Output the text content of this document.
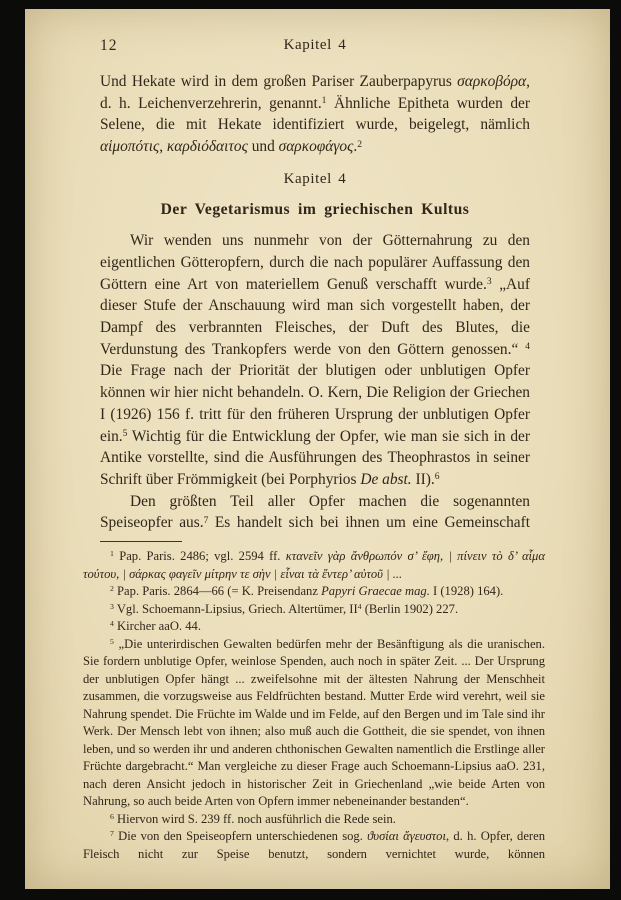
12	Kapitel 4

Und Hekate wird in dem großen Pariser Zauberpapyrus σαρκοβόρα, d. h. Leichenverzehrerin, genannt.$^1$ Ähnliche Epitheta wurden der Selene, die mit Hekate identifiziert wurde, beigelegt, nämlich αἱμοπότις, καρδιόδαιτος und σαρκοφάγος.$^2$

Kapitel 4
Der Vegetarismus im griechischen Kultus

Wir wenden uns nunmehr von der Götternahrung zu den eigentlichen Götteropfern, durch die nach populärer Auffassung den Göttern eine Art von materiellem Genuß verschafft wurde.$^3$ „Auf dieser Stufe der Anschauung wird man sich vorgestellt haben, der Dampf des verbrannten Fleisches, der Duft des Blutes, die Verdunstung des Trankopfers werde von den Göttern genossen.“ $^4$ Die Frage nach der Priorität der blutigen oder unblutigen Opfer können wir hier nicht behandeln. O. Kern, Die Religion der Griechen I (1926) 156 f. tritt für den früheren Ursprung der unblutigen Opfer ein.$^5$ Wichtig für die Entwicklung der Opfer, wie man sie sich in der Antike vorstellte, sind die Ausführungen des Theophrastos in seiner Schrift über Frömmigkeit (bei Porphyrios De abst. II).$^6$

Den größten Teil aller Opfer machen die sogenannten Speiseopfer aus.$^7$ Es handelt sich bei ihnen um eine Gemeinschaft

$^1$ Pap. Paris. 2486; vgl. 2594 ff. κτανεῖν γὰρ ἄνθρωπόν σ’ ἔφη, | πίνειν τὸ δ’ αἷμα τούτου, | σάρκας φαγεῖν μίτρην τε σὴν | εἶναι τὰ ἔντερ’ αὐτοῦ | ...

$^2$ Pap. Paris. 2864—66 (= K. Preisendanz Papyri Graecae mag. I (1928) 164).

$^3$ Vgl. Schoemann-Lipsius, Griech. Altertümer, $II^4$ (Berlin 1902) 227.

$^4$ Kircher aaO. 44.

$^5$ „Die unterirdischen Gewalten bedürfen mehr der Besänftigung als die uranischen. Sie fordern unblutige Opfer, weinlose Spenden, auch noch in später Zeit. ... Der Ursprung der unblutigen Opfer hängt ... zweifelsohne mit der ältesten Nahrung der Menschheit zusammen, die vorzugsweise aus Feldfrüchten bestand. Mutter Erde wird verehrt, weil sie Nahrung spendet. Die Früchte im Walde und im Felde, auf den Bergen und im Tale sind ihr Werk. Der Mensch lebt von ihnen; also muß auch die Gottheit, die sie spendet, von ihnen leben, und so werden ihr und anderen chthonischen Gewalten namentlich die Erstlinge aller Früchte dargebracht.“ Man vergleiche zu dieser Frage auch Schoemann-Lipsius aaO. 231, nach deren Ansicht jedoch in historischer Zeit in Griechenland „wie beide Arten von Nahrung, so auch beide Arten von Opfern immer nebeneinander bestanden“.

$^6$ Hiervon wird S. 239 ff. noch ausführlich die Rede sein.

$^7$ Die von den Speiseopfern unterschiedenen sog. ϑυσίαι ἄγευστοι, d. h. Opfer, deren Fleisch nicht zur Speise benutzt, sondern vernichtet wurde, können
